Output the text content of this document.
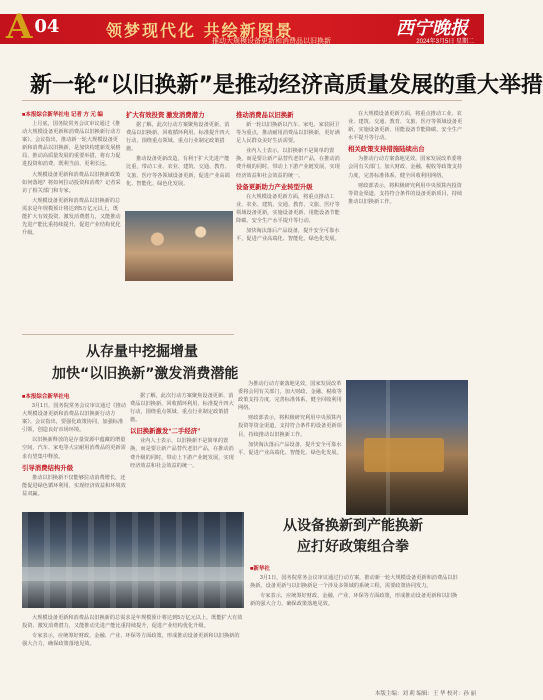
A 04	领梦现代化 共绘新图景
推动大规模设备更新和消费品以旧换新
西宁晚报
2024年3月5日 星期二
新一轮“以旧换新”是推动经济高质量发展的重大举措

■本报综合新华社电 记者 方 元 编

上月底，国务院常务会议审议通过《推动大规模设备更新和消费品以旧换新行动方案》。会议指出，推动新一轮大规模设备更新和消费品以旧换新，是加快构建新发展格局、推动高质量发展的重要举措，将有力促进投资和消费，既利当前、更利长远。

大规模设备更新和消费品以旧换新政策如何落地？将如何拉动投资和消费？记者采访了相关部门和专家。

大规模设备更新和消费品以旧换新的总需求是年规模预计将达到5万亿元以上，既能扩大有效投资、激发消费潜力，又能推动先进产能比重持续提升，促进产业结构优化升级。

扩大有效投资 激发消费潜力

据了解，此次行动方案聚焦设备更新、消费品以旧换新、回收循环利用、标准提升四大行动，围绕重点领域、重点行业制定政策措施。

推动设备更新改造，有利于扩大先进产能比重，带动工业、农业、建筑、交通、教育、文旅、医疗等各领域设备更新，促进产业高端化、智能化、绿色化发展。

推动消费品以旧换新

新一轮以旧换新以汽车、家电、家装厨卫等为重点，推动耐用消费品以旧换新，更好满足人民群众美好生活需要。

业内人士表示，以旧换新不是简单的置换，而是要让新产品替代老旧产品，在推动消费升级的同时，带动上下游产业链发展，实现经济效益和社会效益的统一。

设备更新助力产业转型升级

在大规模设备更新方面，将重点推动工业、农业、建筑、交通、教育、文旅、医疗等领域设备更新，实施设备更新、用能设备节能降碳、安全生产水平提升等行动。

加快淘汰落后产品设备，提升安全可靠水平，促进产业高端化、智能化、绿色化发展。

在大规模设备更新方面，将重点推动工业、农业、建筑、交通、教育、文旅、医疗等领域设备更新，实施设备更新、用能设备节能降碳、安全生产水平提升等行动。

相关政策支持措施陆续出台

为推动行动方案落地见效，国家发展改革委将会同有关部门，加大财政、金融、税收等政策支持力度，完善标准体系，健全回收利用网络。

财政部表示，将积极研究利用中央预算内投资等资金渠道，支持符合条件的设备更新项目，持续推动以旧换新工作。

从存量中挖掘增量
加快“以旧换新”激发消费潜能

■本报综合新华社电

3月1日，国务院常务会议审议通过《推动大规模设备更新和消费品以旧换新行动方案》。会议指出，要强化政策协同，加强标准引领，创造良好市场环境。

以旧换新释放的是存量资源中蕴藏的增量空间，汽车、家电等大宗耐用消费品的更新需求有望集中释放。

引导消费结构升级

推动以旧换新不仅能够拉动消费增长，还能促进绿色循环利用，实现经济效益和环境效益双赢。

据了解，此次行动方案聚焦设备更新、消费品以旧换新、回收循环利用、标准提升四大行动，围绕重点领域、重点行业制定政策措施。

以旧换新激发“二手经济”

业内人士表示，以旧换新不是简单的置换，而是要让新产品替代老旧产品，在推动消费升级的同时，带动上下游产业链发展，实现经济效益和社会效益的统一。

为推动行动方案落地见效，国家发展改革委将会同有关部门，加大财政、金融、税收等政策支持力度，完善标准体系，健全回收利用网络。

财政部表示，将积极研究利用中央预算内投资等资金渠道，支持符合条件的设备更新项目，持续推动以旧换新工作。

加快淘汰落后产品设备，提升安全可靠水平，促进产业高端化、智能化、绿色化发展。

从设备换新到产能换新
应打好政策组合拳

■新华社

3月1日，国务院常务会议审议通过行动方案，推动新一轮大规模设备更新和消费品以旧换新。设备更新与以旧换新是一个涉及多领域的系统工程，需要政策协同发力。

专家表示，应统筹好财政、金融、产业、环保等方面政策，形成推动设备更新和以旧换新的强大合力，确保政策落地见效。

大规模设备更新和消费品以旧换新的总需求是年规模预计将达到5万亿元以上，既能扩大有效投资、激发消费潜力，又能推动先进产能比重持续提升，促进产业结构优化升级。

专家表示，应统筹好财政、金融、产业、环保等方面政策，形成推动设备更新和以旧换新的强大合力，确保政策落地见效。

本版主编：刘 莉 编辑：王 华 校对：孙 丽
